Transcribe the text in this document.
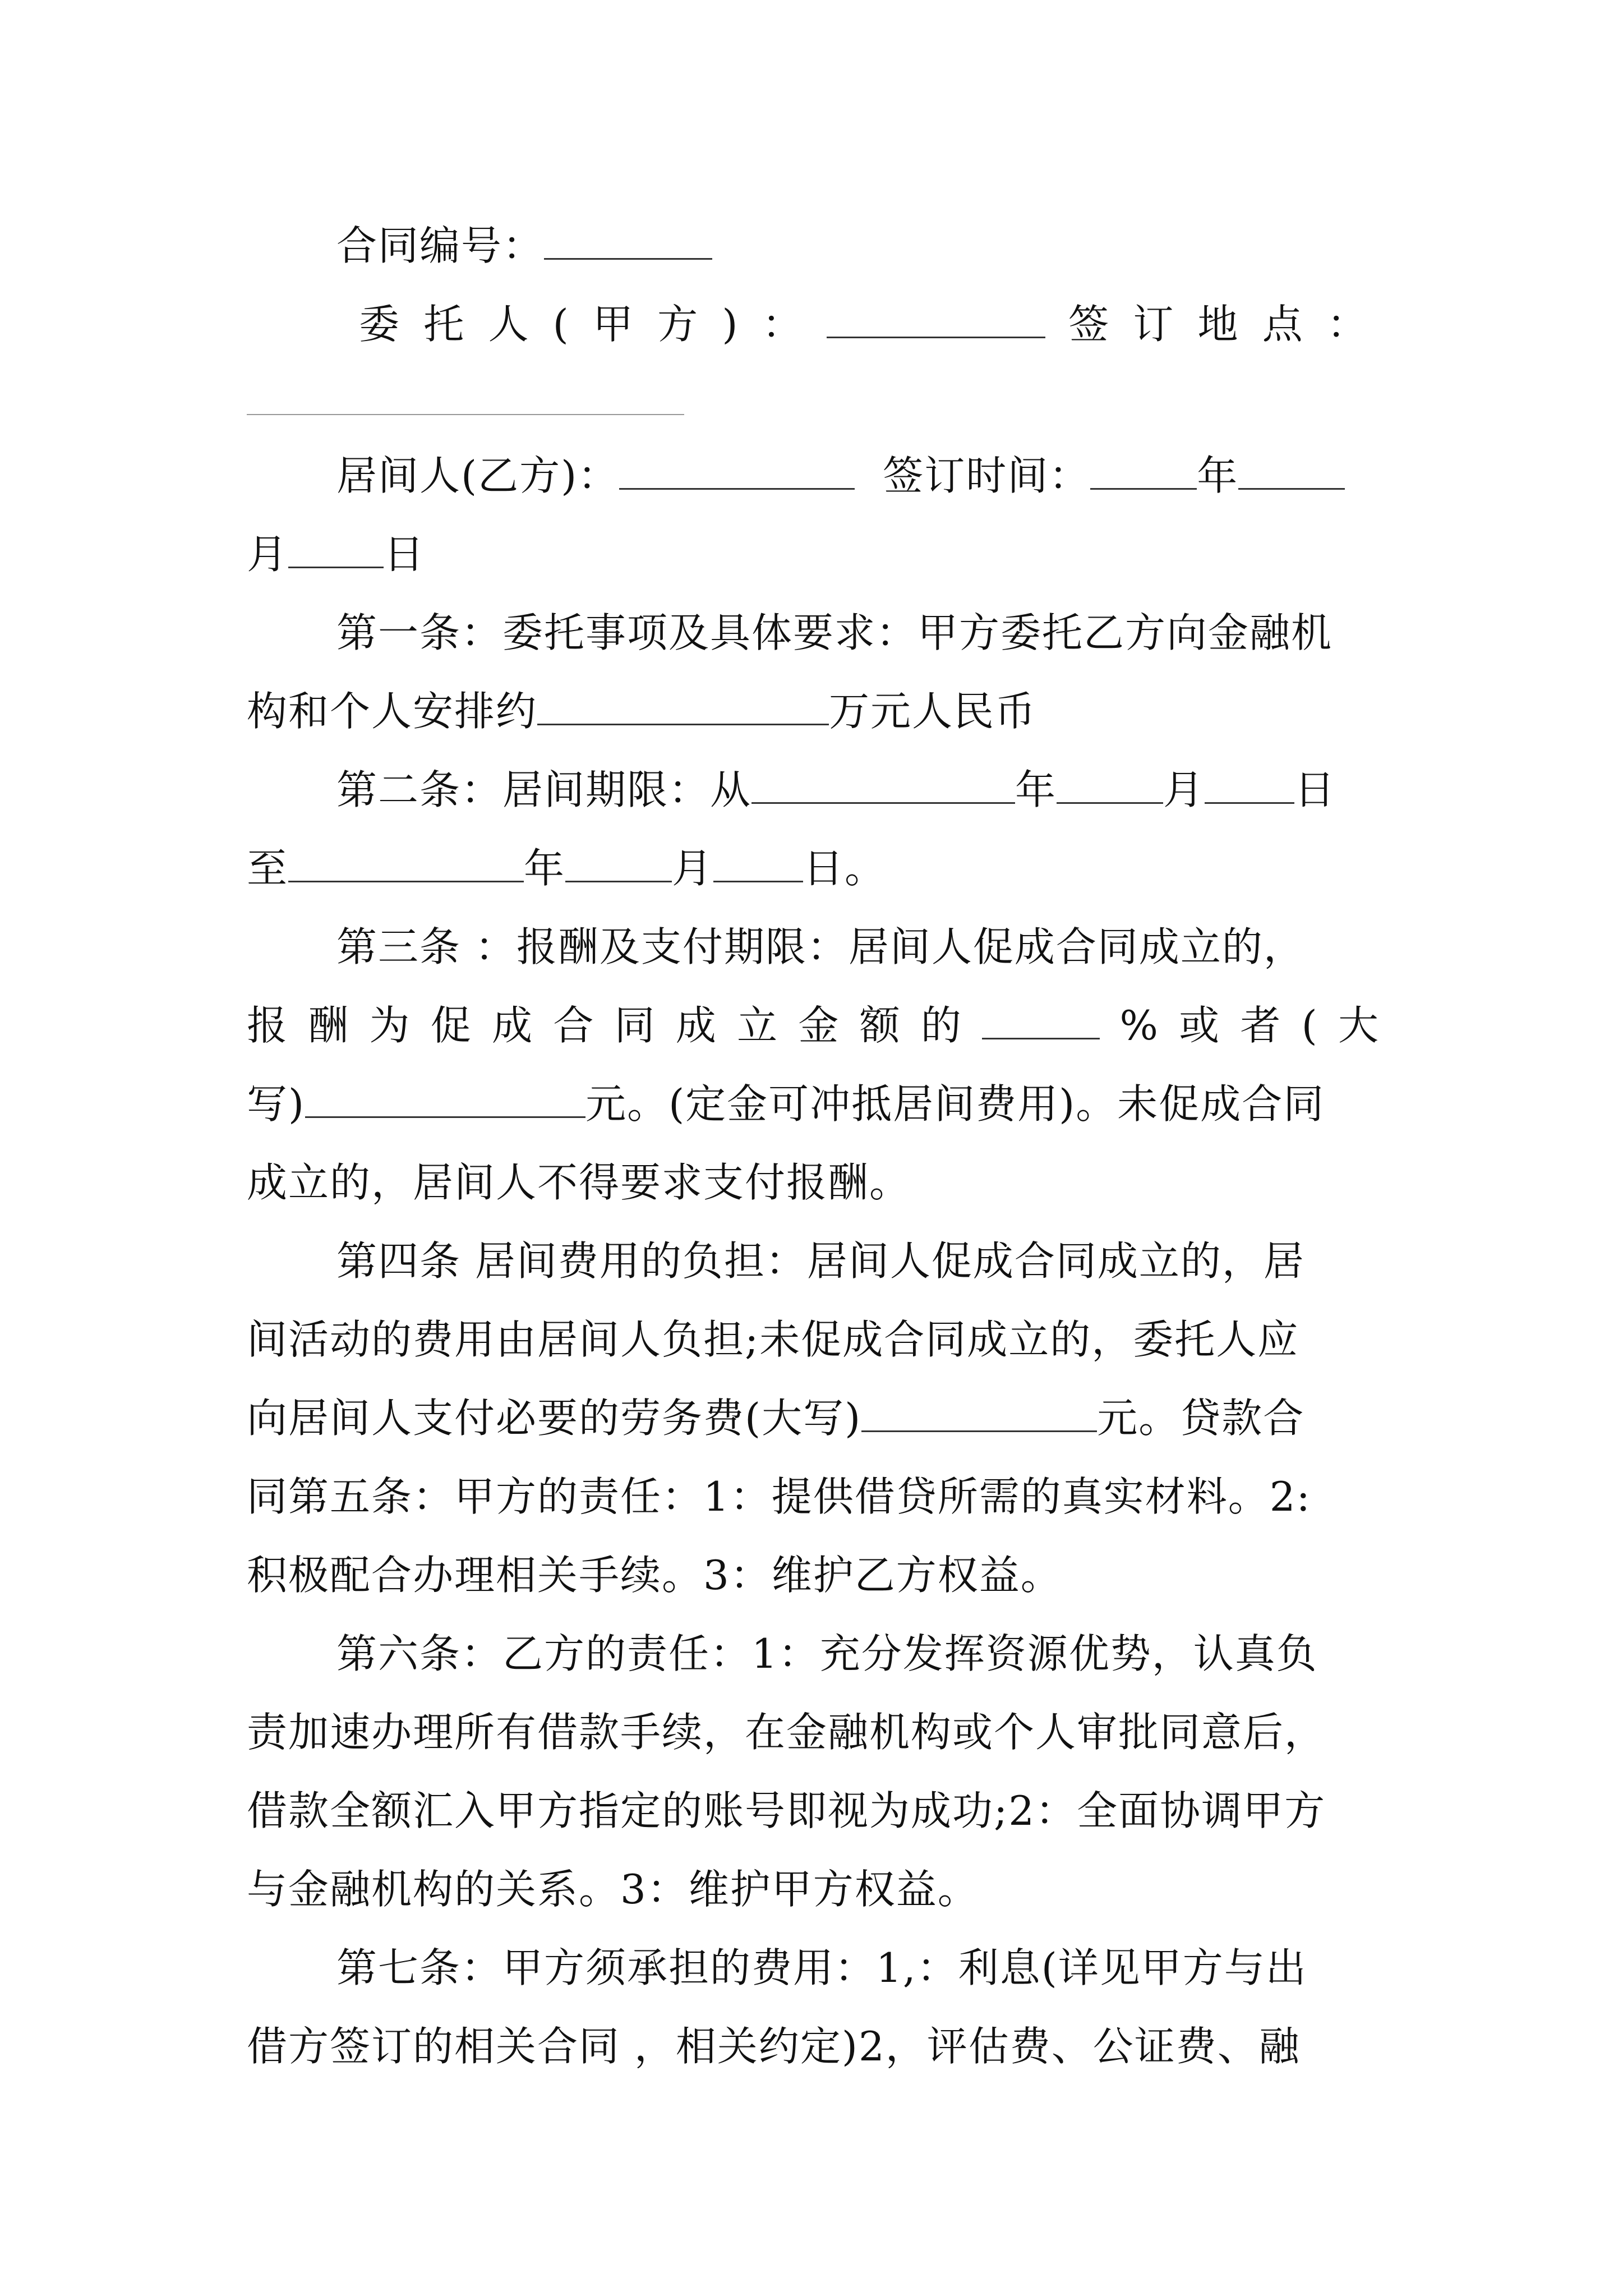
合同编号：
委 托 人 ( 甲 方 ) ：	签 订 地 点 ：
居间人(乙方)：	签订时间：	年
月 日
第一条：委托事项及具体要求：甲方委托乙方向金融机
构和个人安排约	万元人民币
第二条：居间期限：从	年	月 日
至	年	月 日。
第三条 ：报酬及支付期限：居间人促成合同成立的，
报 酬 为 促 成 合 同 成 立 金 额 的	% 或 者 ( 大
写)	元。(定金可冲抵居间费用)。未促成合同
成立的，居间人不得要求支付报酬。
第四条 居间费用的负担：居间人促成合同成立的，居
间活动的费用由居间人负担;未促成合同成立的，委托人应
向居间人支付必要的劳务费(大写)	元。贷款合
同第五条：甲方的责任：1：提供借贷所需的真实材料。2:
积极配合办理相关手续。3：维护乙方权益。
第六条：乙方的责任：1：充分发挥资源优势，认真负
责加速办理所有借款手续，在金融机构或个人审批同意后，
借款全额汇入甲方指定的账号即视为成功;2：全面协调甲方
与金融机构的关系。3：维护甲方权益。
第七条：甲方须承担的费用：1,：利息(详见甲方与出
借方签订的相关合同 ，相关约定)2，评估费、公证费、融
